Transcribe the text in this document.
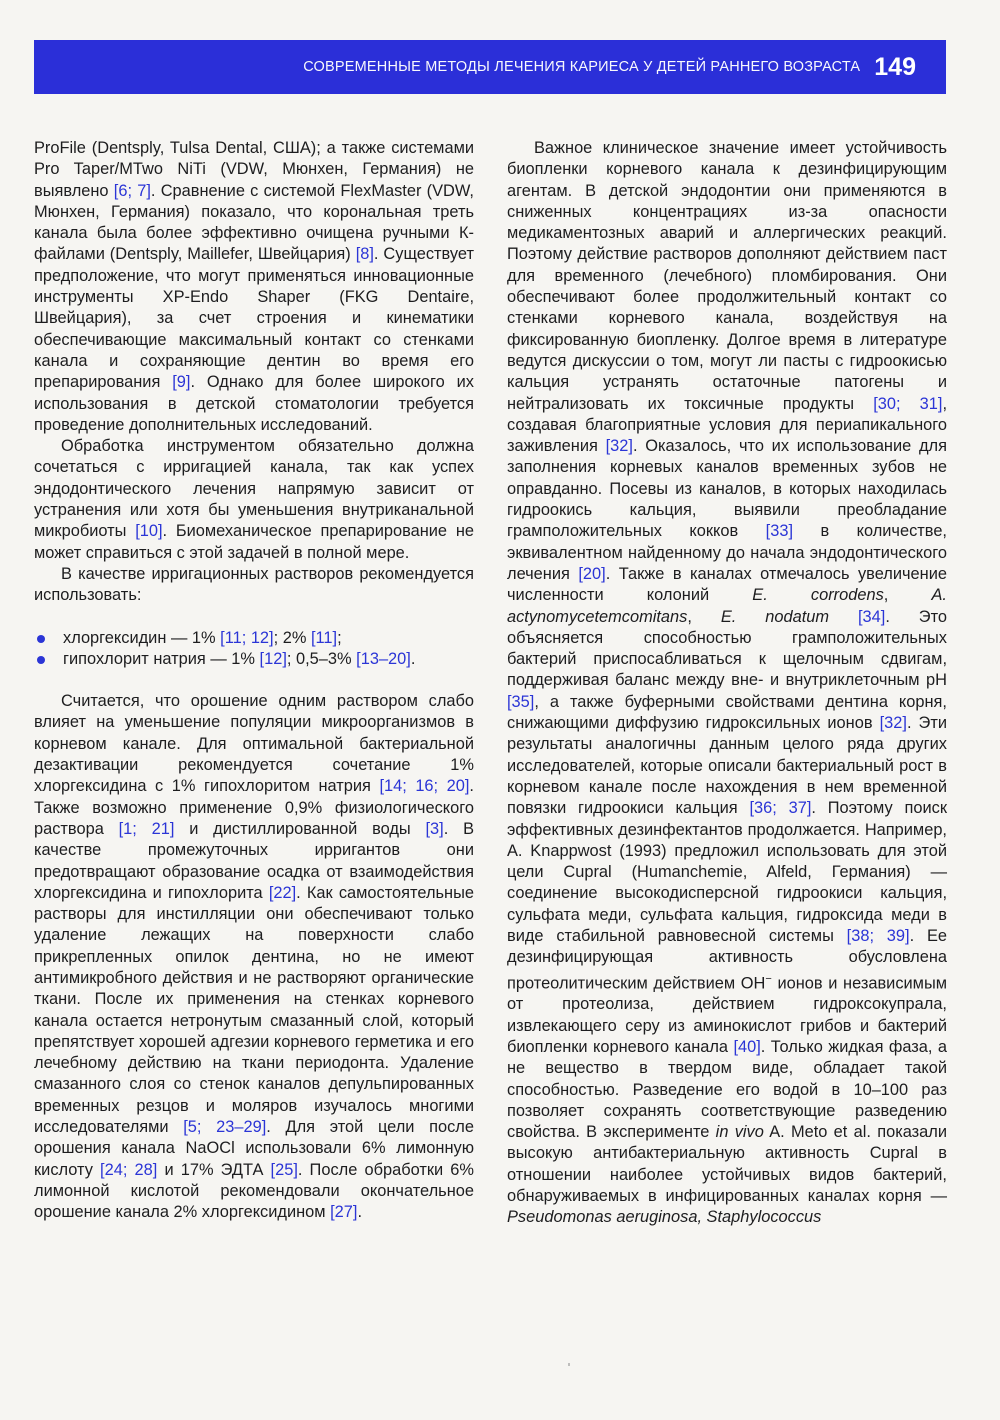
СОВРЕМЕННЫЕ МЕТОДЫ ЛЕЧЕНИЯ КАРИЕСА У ДЕТЕЙ РАННЕГО ВОЗРАСТА 149

ProFile (Dentsply, Tulsa Dental, США); а также системами Pro Taper/MTwo NiTi (VDW, Мюнхен, Германия) не выявлено [6; 7]. Сравнение с системой FlexMaster (VDW, Мюнхен, Германия) показало, что корональная треть канала была более эффективно очищена ручными К-файлами (Dentsply, Maillefer, Швейцария) [8]. Существует предположение, что могут применяться инновационные инструменты XP-Endo Shaper (FKG Dentaire, Швейцария), за счет строения и кинематики обеспечивающие максимальный контакт со стенками канала и сохраняющие дентин во время его препарирования [9]. Однако для более широкого их использования в детской стоматологии требуется проведение дополнительных исследований.

Обработка инструментом обязательно должна сочетаться с ирригацией канала, так как успех эндодонтического лечения напрямую зависит от устранения или хотя бы уменьшения внутриканальной микробиоты [10]. Биомеханическое препарирование не может справиться с этой задачей в полной мере.

В качестве ирригационных растворов рекомендуется использовать:

хлоргексидин — 1% [11; 12]; 2% [11];
гипохлорит натрия — 1% [12]; 0,5–3% [13–20].

Считается, что орошение одним раствором слабо влияет на уменьшение популяции микроорганизмов в корневом канале. Для оптимальной бактериальной дезактивации рекомендуется сочетание 1% хлоргексидина с 1% гипохлоритом натрия [14; 16; 20]. Также возможно применение 0,9% физиологического раствора [1; 21] и дистиллированной воды [3]. В качестве промежуточных ирригантов они предотвращают образование осадка от взаимодействия хлоргексидина и гипохлорита [22]. Как самостоятельные растворы для инстилляции они обеспечивают только удаление лежащих на поверхности слабо прикрепленных опилок дентина, но не имеют антимикробного действия и не растворяют органические ткани. После их применения на стенках корневого канала остается нетронутым смазанный слой, который препятствует хорошей адгезии корневого герметика и его лечебному действию на ткани периодонта. Удаление смазанного слоя со стенок каналов депульпированных временных резцов и моляров изучалось многими исследователями [5; 23–29]. Для этой цели после орошения канала NaOCl использовали 6% лимонную кислоту [24; 28] и 17% ЭДТА [25]. После обработки 6% лимонной кислотой рекомендовали окончательное орошение канала 2% хлоргексидином [27].

Важное клиническое значение имеет устойчивость биопленки корневого канала к дезинфицирующим агентам. В детской эндодонтии они применяются в сниженных концентрациях из-за опасности медикаментозных аварий и аллергических реакций. Поэтому действие растворов дополняют действием паст для временного (лечебного) пломбирования. Они обеспечивают более продолжительный контакт со стенками корневого канала, воздействуя на фиксированную биопленку. Долгое время в литературе ведутся дискуссии о том, могут ли пасты с гидроокисью кальция устранять остаточные патогены и нейтрализовать их токсичные продукты [30; 31], создавая благоприятные условия для периапикального заживления [32]. Оказалось, что их использование для заполнения корневых каналов временных зубов не оправданно. Посевы из каналов, в которых находилась гидроокись кальция, выявили преобладание грамположительных кокков [33] в количестве, эквивалентном найденному до начала эндодонтического лечения [20]. Также в каналах отмечалось увеличение численности колоний E. corrodens, A. actynomycetemcomitans, E. nodatum [34]. Это объясняется способностью грамположительных бактерий приспосабливаться к щелочным сдвигам, поддерживая баланс между вне- и внутриклеточным pH [35], а также буферными свойствами дентина корня, снижающими диффузию гидроксильных ионов [32]. Эти результаты аналогичны данным целого ряда других исследователей, которые описали бактериальный рост в корневом канале после нахождения в нем временной повязки гидроокиси кальция [36; 37]. Поэтому поиск эффективных дезинфектантов продолжается. Например, A. Knappwost (1993) предложил использовать для этой цели Cupral (Humanchemie, Alfeld, Германия) — соединение высокодисперсной гидроокиси кальция, сульфата меди, сульфата кальция, гидроксида меди в виде стабильной равновесной системы [38; 39]. Ее дезинфицирующая активность обусловлена протеолитическим действием OH− ионов и независимым от протеолиза, действием гидроксокупрала, извлекающего серу из аминокислот грибов и бактерий биопленки корневого канала [40]. Только жидкая фаза, а не вещество в твердом виде, обладает такой способностью. Разведение его водой в 10–100 раз позволяет сохранять соответствующие разведению свойства. В эксперименте in vivo A. Meto et al. показали высокую антибактериальную активность Cupral в отношении наиболее устойчивых видов бактерий, обнаруживаемых в инфицированных каналах корня — Pseudomonas aeruginosa, Staphylococcus
